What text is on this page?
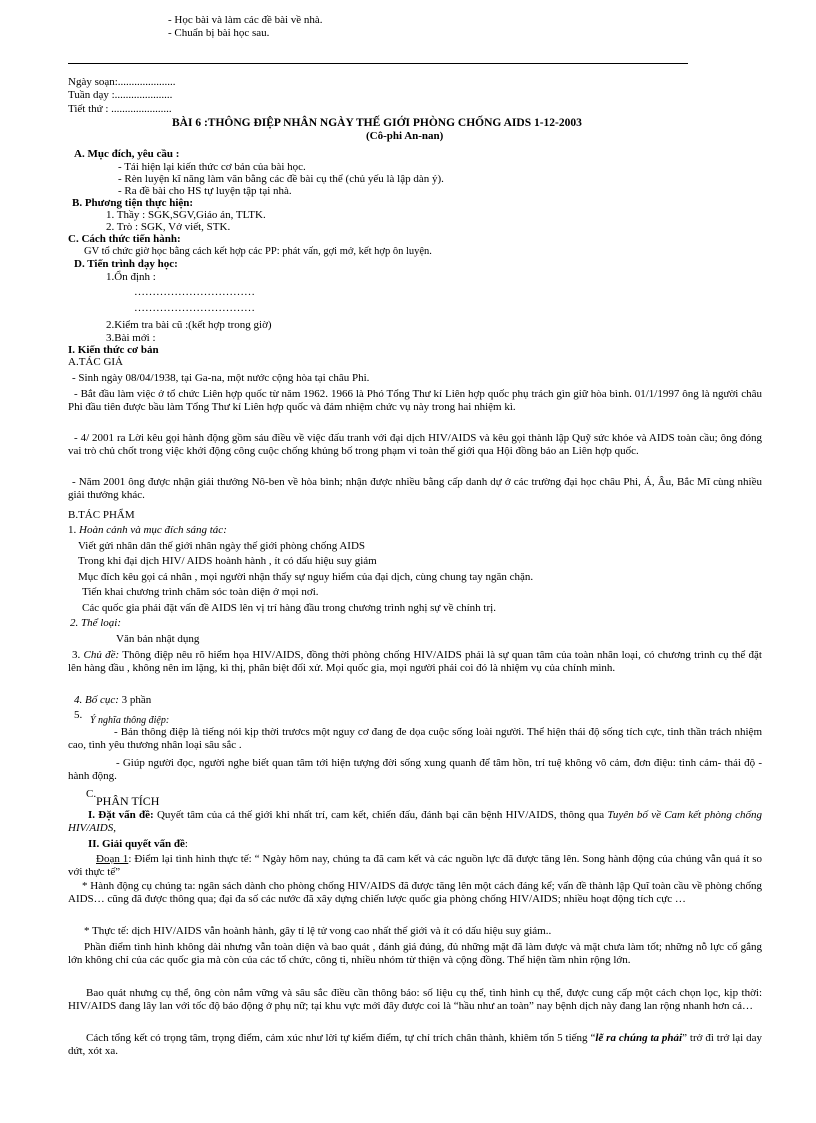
- Học bài và làm các đề bài về nhà.
- Chuẩn bị bài học sau.
Ngày soạn:.....................
Tuần dạy :.....................
Tiết thứ : ......................
BÀI 6 :THÔNG ĐIỆP NHÂN NGÀY THẾ GIỚI PHÒNG CHỐNG AIDS 1-12-2003
(Cô-phi An-nan)
A. Mục đích, yêu cầu :
- Tái hiện lại kiến thức cơ bản của bài học.
- Rèn luyện kĩ năng làm văn bằng các đề bài cụ thể (chủ yếu là lập dàn ý).
- Ra đề bài cho HS tự luyện tập tại nhà.
B. Phương tiện thực hiện:
1. Thầy : SGK,SGV,Giáo án, TLTK.
2. Trò : SGK, Vở viết, STK.
C. Cách thức tiến hành:
GV tổ chức giờ học bằng cách kết hợp các PP: phát vấn, gợi mở, kết hợp ôn luyện.
D. Tiến trình dạy học:
1.Ổn định :
……………………………
……………………………
2.Kiểm tra bài cũ :(kết hợp trong giờ)
3.Bài mới :
I. Kiến thức cơ bản
A.TÁC GIẢ
- Sinh ngày 08/04/1938, tại Ga-na, một nước cộng hòa tại châu Phi.
- Bắt đầu làm việc ở tổ chức Liên hợp quốc từ năm 1962. 1966 là Phó Tổng Thư kí Liên hợp quốc phụ trách gìn giữ hòa bình. 01/1/1997 ông là người châu Phi đầu tiên được bầu làm Tổng Thư kí Liên hợp quốc và đảm nhiệm chức vụ này trong hai nhiệm kì.
- 4/ 2001 ra Lời kêu gọi hành động gồm sáu điều về việc đấu tranh với đại dịch HIV/AIDS và kêu gọi thành lập Quỹ sức khỏe và AIDS toàn cầu; ông đóng vai trò chủ chốt trong việc khởi động công cuộc chống khủng bố trong phạm vi toàn thế giới qua Hội đồng bảo an Liên hợp quốc.
- Năm 2001 ông được nhận giải thưởng Nô-ben về hòa bình; nhận được nhiều bằng cấp danh dự ở các trường đại học châu Phi, Á, Âu, Bắc Mĩ cùng nhiều giải thưởng khác.
B.TÁC PHẨM
1. Hoàn cảnh và mục đích sáng tác:
Viết gửi nhân dân thế giới nhân ngày thế giới phòng chống AIDS
Trong khi đại dịch HIV/ AIDS hoành hành , ít có dấu hiệu suy giảm
Mục đích kêu gọi cá nhân , mọi người nhận thấy sự nguy hiểm của đại dịch, cùng chung tay ngăn chặn.
Tiến khai chương trình chăm sóc toàn diện ở mọi nơi.
Các quốc gia phải đặt vấn đề AIDS lên vị trí hàng đầu trong chương trình nghị sự về chính trị.
2. Thể loại:
Văn bản nhật dụng
3. Chủ đề: Thông điệp nêu rõ hiểm họa HIV/AIDS, đồng thời phòng chống HIV/AIDS phải là sự quan tâm của toàn nhân loại, có chương trình cụ thể đặt lên hàng đầu , không nên im lặng, kì thị, phân biệt đối xử. Mọi quốc gia, mọi người phải coi đó là nhiệm vụ của chính mình.
4. Bố cục: 3 phần
5. Ý nghĩa thông điệp:
- Bản thông điệp là tiếng nói kịp thời trươcs một nguy cơ đang đe dọa cuộc sống loài người. Thể hiện thái độ sống tích cực, tinh thần trách nhiệm cao, tình yêu thương nhân loại sâu sắc .
- Giúp người đọc, người nghe biết quan tâm tới hiện tượng đời sống xung quanh để tâm hồn, trí tuệ không vô cảm, đơn điệu: tình cảm- thái độ - hành động.
C. PHÂN TÍCH
I. Đặt vấn đề: Quyết tâm của cả thế giới khi nhất trí, cam kết, chiến đấu, đánh bại căn bệnh HIV/AIDS, thông qua Tuyên bố về Cam kết phòng chống HIV/AIDS,
II. Giải quyết vấn đề:
Đoạn 1: Điểm lại tình hình thực tế: “ Ngày hôm nay, chúng ta đã cam kết và các nguồn lực đã được tăng lên. Song hành động của chúng vẫn quá ít so với thực tế”
* Hành động cụ chúng ta: ngân sách dành cho phòng chống HIV/AIDS đã được tăng lên một cách đáng kể; vấn đề thành lập Quĩ toàn cầu về phòng chống AIDS… cũng đã được thông qua; đại đa số các nước đã xây dựng chiến lược quốc gia phòng chống HIV/AIDS; nhiều hoạt động tích cực …
* Thực tế: dịch HIV/AIDS vẫn hoành hành, gây tỉ lệ tử vong cao nhất thế giới và ít có dấu hiệu suy giảm..
Phần điểm tình hình không dài nhưng vẫn toàn diện và bao quát , đánh giá đúng, đủ những mặt đã làm được và mặt chưa làm tốt; những nỗ lực cố gắng lớn không chỉ của các quốc gia mà còn của các tổ chức, công ti, nhiều nhóm từ thiện và cộng đồng. Thể hiện tầm nhìn rộng lớn.
Bao quát nhưng cụ thể, ông còn nắm vững và sâu sắc điều cần thông báo: số liệu cụ thể, tình hình cụ thể, được cung cấp một cách chọn lọc, kịp thời: HIV/AIDS đang lây lan với tốc độ báo động ở phụ nữ; tại khu vực mới đây được coi là “hầu như an toàn” nay bệnh dịch này đang lan rộng nhanh hơn cả…
Cách tổng kết có trọng tâm, trọng điểm, cảm xúc như lời tự kiểm điểm, tự chỉ trích chân thành, khiêm tốn 5 tiếng “lẽ ra chúng ta phải” trở đi trở lại day dứt, xót xa.
